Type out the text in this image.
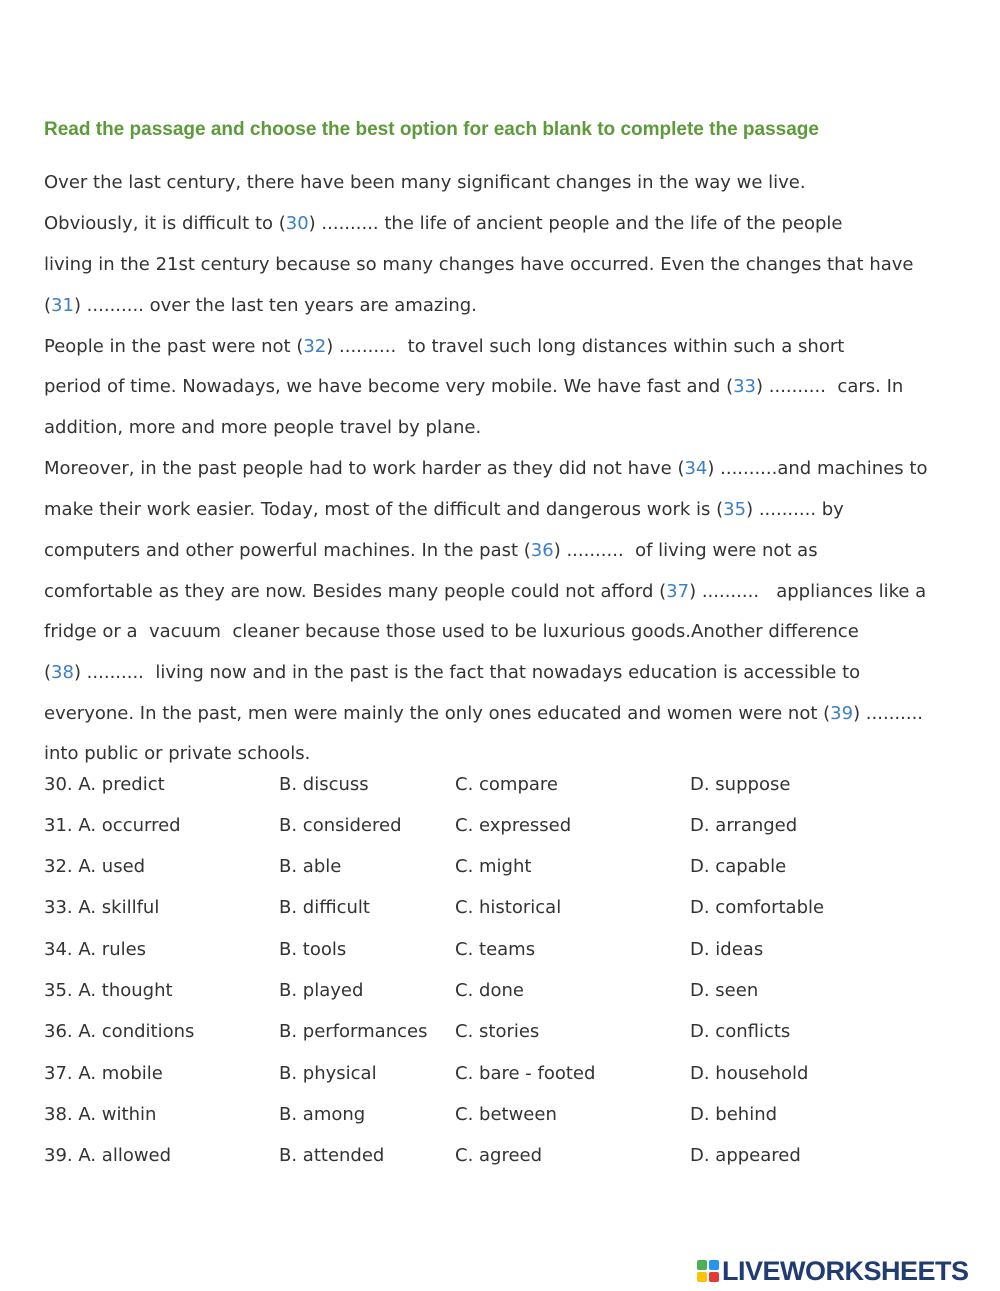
Read the passage and choose the best option for each blank to complete the passage
Over the last century, there have been many significant changes in the way we live.
Obviously, it is difficult to (30) .......... the life of ancient people and the life of the people
living in the 21st century because so many changes have occurred. Even the changes that have
(31) .......... over the last ten years are amazing.
People in the past were not (32) ..........  to travel such long distances within such a short
period of time. Nowadays, we have become very mobile. We have fast and (33) ..........  cars. In
addition, more and more people travel by plane.
Moreover, in the past people had to work harder as they did not have (34) ..........and machines to
make their work easier. Today, most of the difficult and dangerous work is (35) .......... by
computers and other powerful machines. In the past (36) ..........  of living were not as
comfortable as they are now. Besides many people could not afford (37) ..........   appliances like a
fridge or a  vacuum  cleaner because those used to be luxurious goods.Another difference
(38) ..........  living now and in the past is the fact that nowadays education is accessible to
everyone. In the past, men were mainly the only ones educated and women were not (39) ..........
into public or private schools.
30. A. predict	B. discuss	C. compare	D. suppose
31. A. occurred	B. considered	C. expressed	D. arranged
32. A. used	B. able	C. might	D. capable
33. A. skillful	B. difficult	C. historical	D. comfortable
34. A. rules	B. tools	C. teams	D. ideas
35. A. thought	B. played	C. done	D. seen
36. A. conditions	B. performances C. stories	D. conflicts
37. A. mobile	B. physical	C. bare - footed	D. household
38. A. within	B. among	C. between	D. behind
39. A. allowed	B. attended	C. agreed	D. appeared
LIVEWORKSHEETS
